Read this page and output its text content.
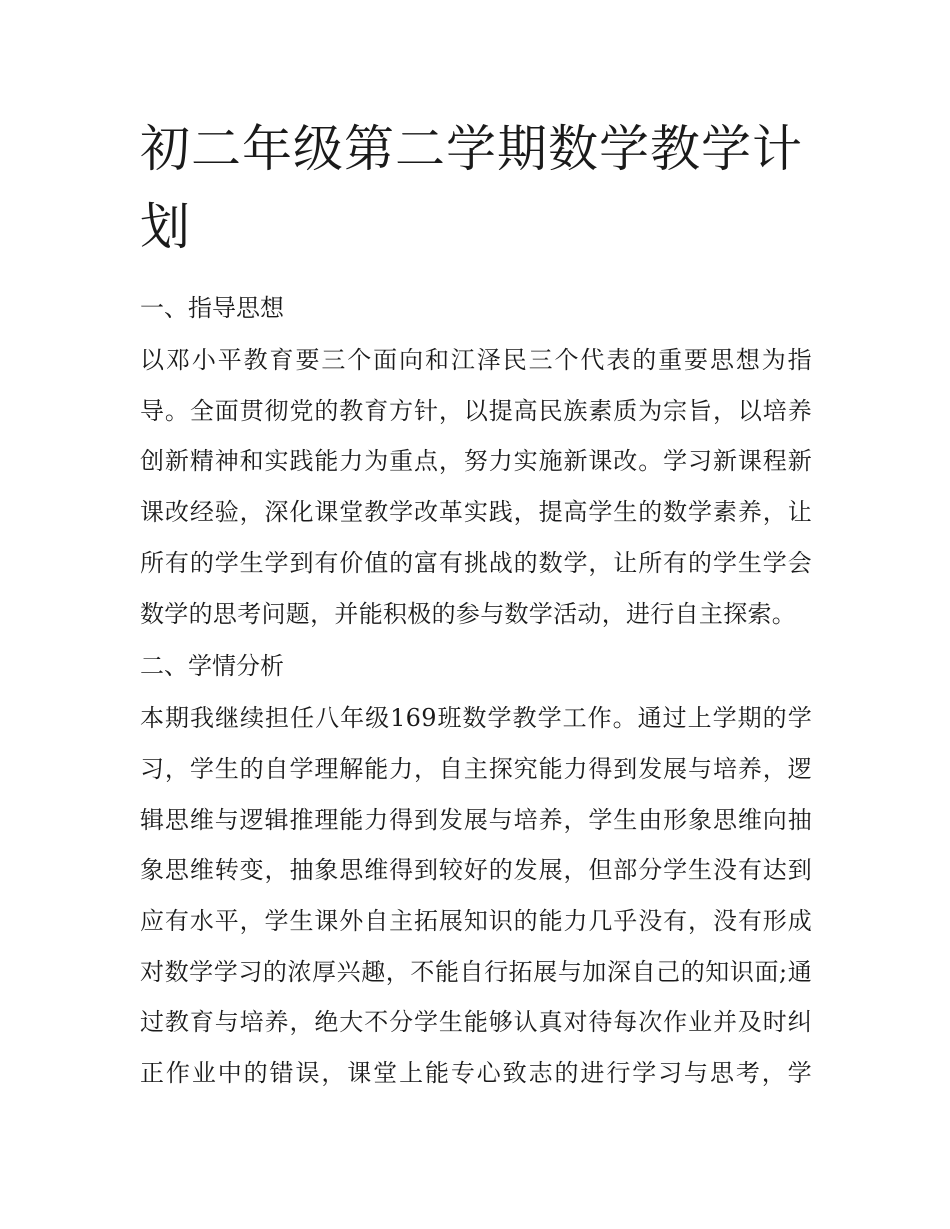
初二年级第二学期数学教学计划
一、指导思想

以邓小平教育要三个面向和江泽民三个代表的重要思想为指导。全面贯彻党的教育方针，以提高民族素质为宗旨，以培养创新精神和实践能力为重点，努力实施新课改。学习新课程新课改经验，深化课堂教学改革实践，提高学生的数学素养，让所有的学生学到有价值的富有挑战的数学，让所有的学生学会数学的思考问题，并能积极的参与数学活动，进行自主探索。

二、学情分析

本期我继续担任八年级169班数学教学工作。通过上学期的学习，学生的自学理解能力，自主探究能力得到发展与培养，逻辑思维与逻辑推理能力得到发展与培养，学生由形象思维向抽象思维转变，抽象思维得到较好的发展，但部分学生没有达到应有水平，学生课外自主拓展知识的能力几乎没有，没有形成对数学学习的浓厚兴趣，不能自行拓展与加深自己的知识面;通过教育与培养，绝大不分学生能够认真对待每次作业并及时纠正作业中的错误，课堂上能专心致志的进行学习与思考，学
